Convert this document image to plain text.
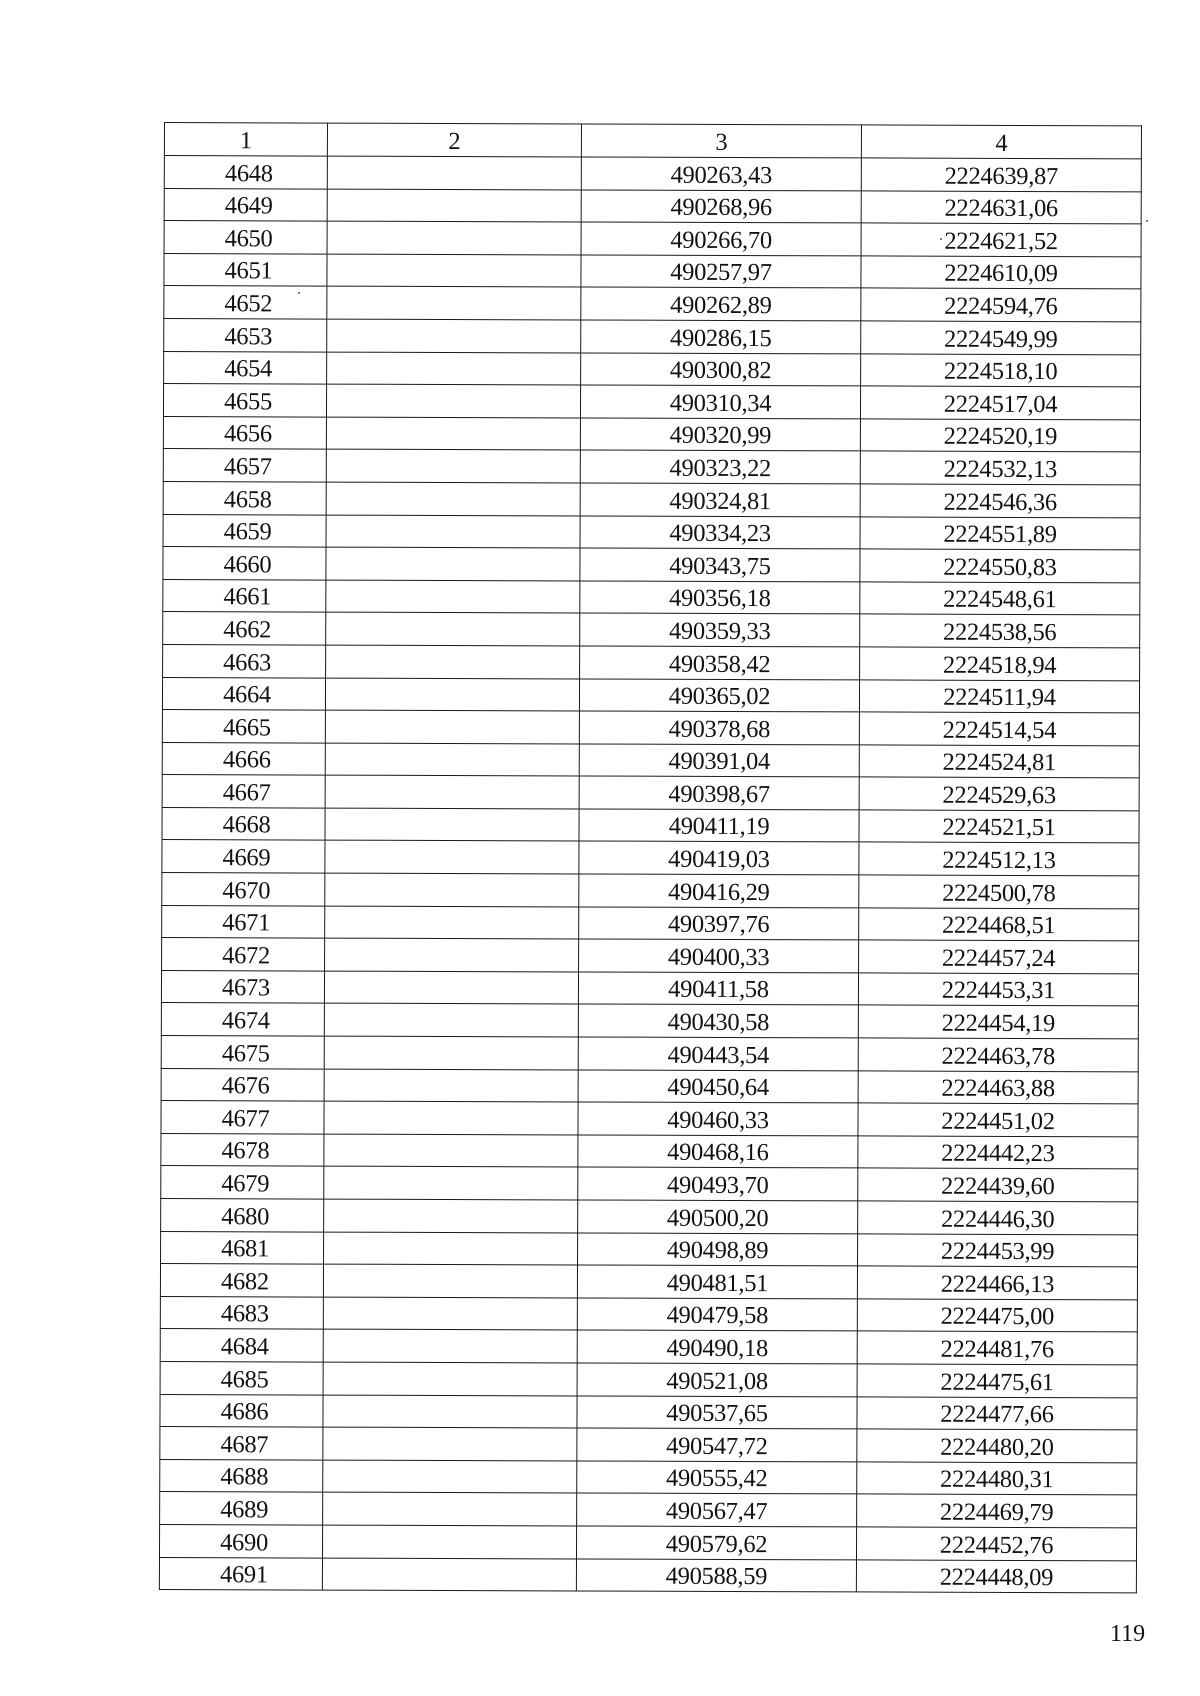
1	2	3	4
4648		490263,43	2224639,87
4649		490268,96	2224631,06
4650		490266,70	2224621,52
4651		490257,97	2224610,09
4652		490262,89	2224594,76
4653		490286,15	2224549,99
4654		490300,82	2224518,10
4655		490310,34	2224517,04
4656		490320,99	2224520,19
4657		490323,22	2224532,13
4658		490324,81	2224546,36
4659		490334,23	2224551,89
4660		490343,75	2224550,83
4661		490356,18	2224548,61
4662		490359,33	2224538,56
4663		490358,42	2224518,94
4664		490365,02	2224511,94
4665		490378,68	2224514,54
4666		490391,04	2224524,81
4667		490398,67	2224529,63
4668		490411,19	2224521,51
4669		490419,03	2224512,13
4670		490416,29	2224500,78
4671		490397,76	2224468,51
4672		490400,33	2224457,24
4673		490411,58	2224453,31
4674		490430,58	2224454,19
4675		490443,54	2224463,78
4676		490450,64	2224463,88
4677		490460,33	2224451,02
4678		490468,16	2224442,23
4679		490493,70	2224439,60
4680		490500,20	2224446,30
4681		490498,89	2224453,99
4682		490481,51	2224466,13
4683		490479,58	2224475,00
4684		490490,18	2224481,76
4685		490521,08	2224475,61
4686		490537,65	2224477,66
4687		490547,72	2224480,20
4688		490555,42	2224480,31
4689		490567,47	2224469,79
4690		490579,62	2224452,76
4691		490588,59	2224448,09
119
